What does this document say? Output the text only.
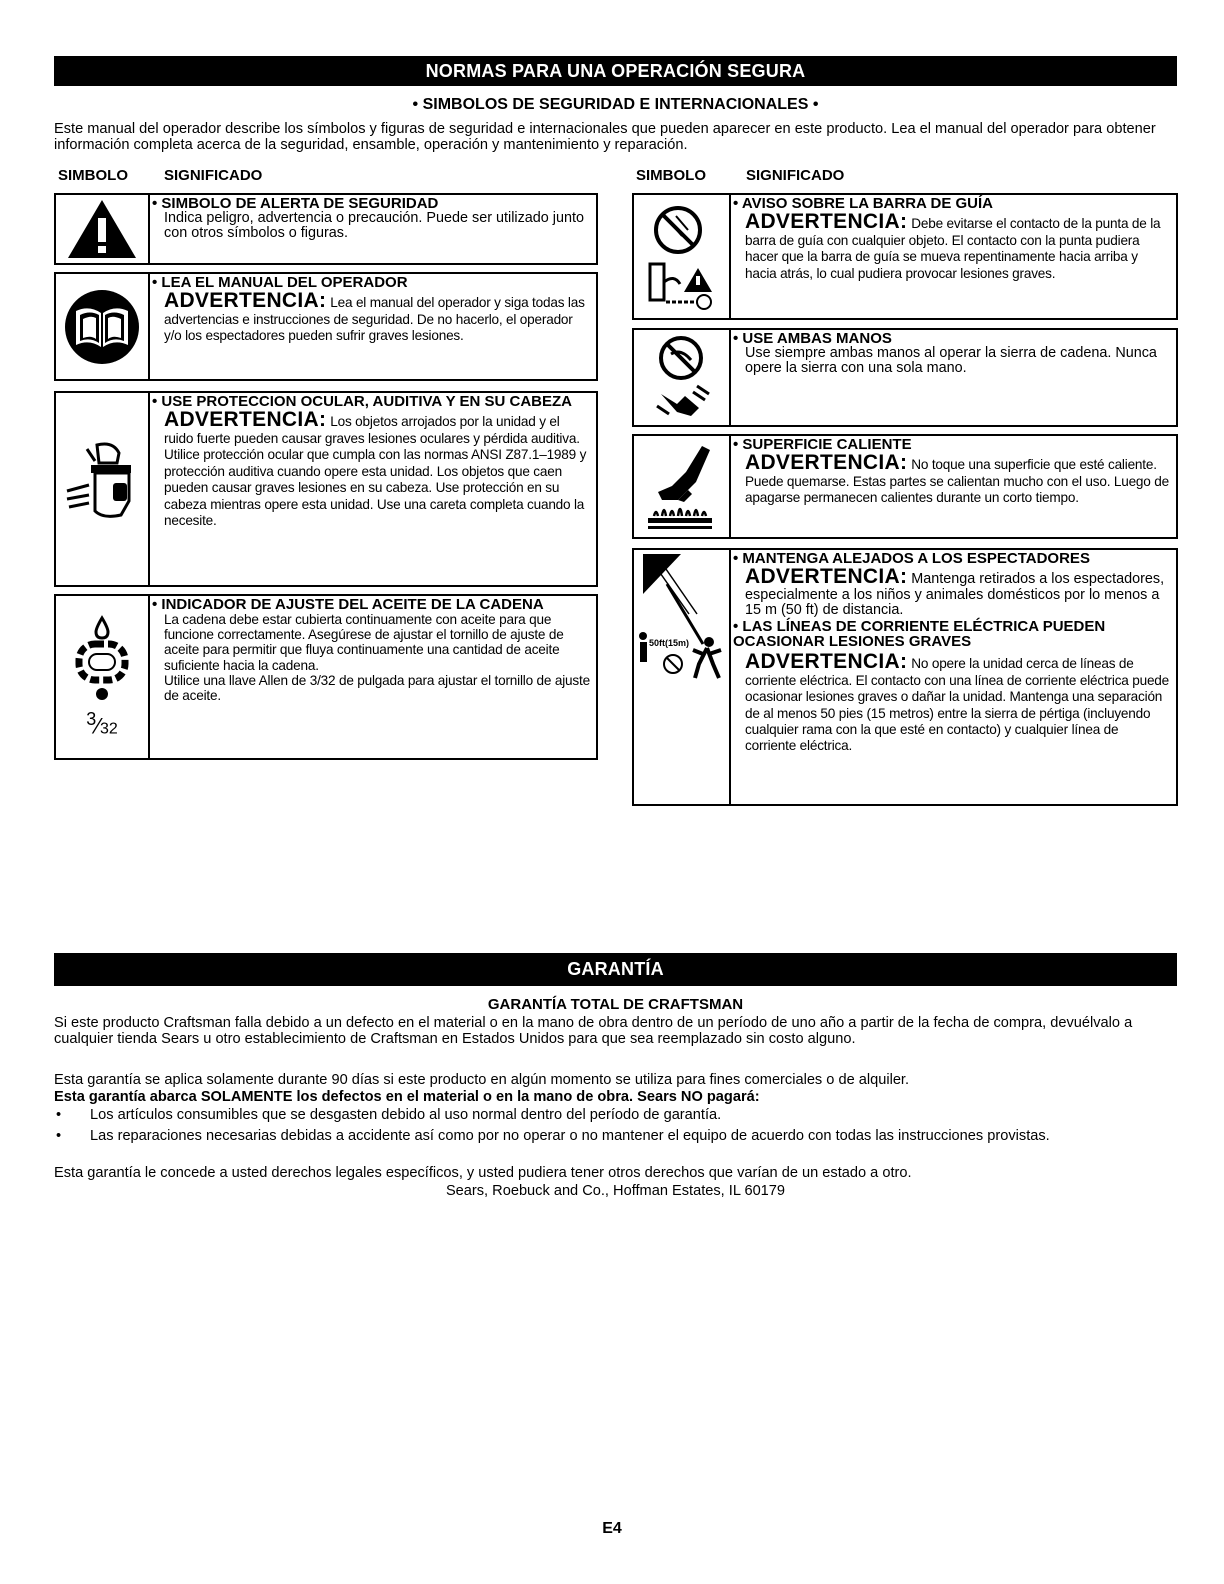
NORMAS PARA UNA OPERACIÓN SEGURA
• SIMBOLOS DE SEGURIDAD E INTERNACIONALES •
Este manual del operador describe los símbolos y figuras de seguridad e internacionales que pueden aparecer en este producto. Lea el manual del operador para obtener información completa acerca de la seguridad, ensamble, operación y mantenimiento y reparación.
SIMBOLO SIGNIFICADO	SIMBOLO	SIGNIFICADO
• SIMBOLO DE ALERTA DE SEGURIDAD
Indica peligro, advertencia o precaución. Puede ser utilizado junto con otros símbolos o figuras.
• LEA EL MANUAL DEL OPERADOR
ADVERTENCIA: Lea el manual del operador y siga todas las advertencias e instrucciones de seguridad. De no hacerlo, el operador y/o los espectadores pueden sufrir graves lesiones.
• USE PROTECCION OCULAR, AUDITIVA Y EN SU CABEZA
ADVERTENCIA: Los objetos arrojados por la unidad y el ruido fuerte pueden causar graves lesiones oculares y pérdida auditiva. Utilice protección ocular que cumpla con las normas ANSI Z87.1–1989 y protección auditiva cuando opere esta unidad. Los objetos que caen pueden causar graves lesiones en su cabeza. Use protección en su cabeza mientras opere esta unidad. Use una careta completa cuando la necesite.
$^3$⁄32
• INDICADOR DE AJUSTE DEL ACEITE DE LA CADENA
La cadena debe estar cubierta continuamente con aceite para que funcione correctamente. Asegúrese de ajustar el tornillo de ajuste de aceite para permitir que fluya continuamente una cantidad de aceite suficiente hacia la cadena.
Utilice una llave Allen de 3/32 de pulgada para ajustar el tornillo de ajuste de aceite.
• AVISO SOBRE LA BARRA DE GUÍA
ADVERTENCIA: Debe evitarse el contacto de la punta de la barra de guía con cualquier objeto. El contacto con la punta pudiera hacer que la barra de guía se mueva repentinamente hacia arriba y hacia atrás, lo cual pudiera provocar lesiones graves.
• USE AMBAS MANOS
Use siempre ambas manos al operar la sierra de cadena. Nunca opere la sierra con una sola mano.
• SUPERFICIE CALIENTE
ADVERTENCIA: No toque una superficie que esté caliente. Puede quemarse. Estas partes se calientan mucho con el uso. Luego de apagarse permanecen calientes durante un corto tiempo.
50ft(15m)
• MANTENGA ALEJADOS A LOS ESPECTADORES
ADVERTENCIA: Mantenga retirados a los espectadores, especialmente a los niños y animales domésticos por lo menos a 15 m (50 ft) de distancia.
• LAS LÍNEAS DE CORRIENTE ELÉCTRICA PUEDEN OCASIONAR LESIONES GRAVES
ADVERTENCIA: No opere la unidad cerca de líneas de corriente eléctrica. El contacto con una línea de corriente eléctrica puede ocasionar lesiones graves o dañar la unidad. Mantenga una separación de al menos 50 pies (15 metros) entre la sierra de pértiga (incluyendo cualquier rama con la que esté en contacto) y cualquier línea de corriente eléctrica.
GARANTÍA
GARANTÍA TOTAL DE CRAFTSMAN
Si este producto Craftsman falla debido a un defecto en el material o en la mano de obra dentro de un período de uno año a partir de la fecha de compra, devuélvalo a cualquier tienda Sears u otro establecimiento de Craftsman en Estados Unidos para que sea reemplazado sin costo alguno.
Esta garantía se aplica solamente durante 90 días si este producto en algún momento se utiliza para fines comerciales o de alquiler.
Esta garantía abarca SOLAMENTE los defectos en el material o en la mano de obra. Sears NO pagará:
• Los artículos consumibles que se desgasten debido al uso normal dentro del período de garantía.
• Las reparaciones necesarias debidas a accidente así como por no operar o no mantener el equipo de acuerdo con todas las instrucciones provistas.
Esta garantía le concede a usted derechos legales específicos, y usted pudiera tener otros derechos que varían de un estado a otro.
Sears, Roebuck and Co., Hoffman Estates, IL 60179
E4
